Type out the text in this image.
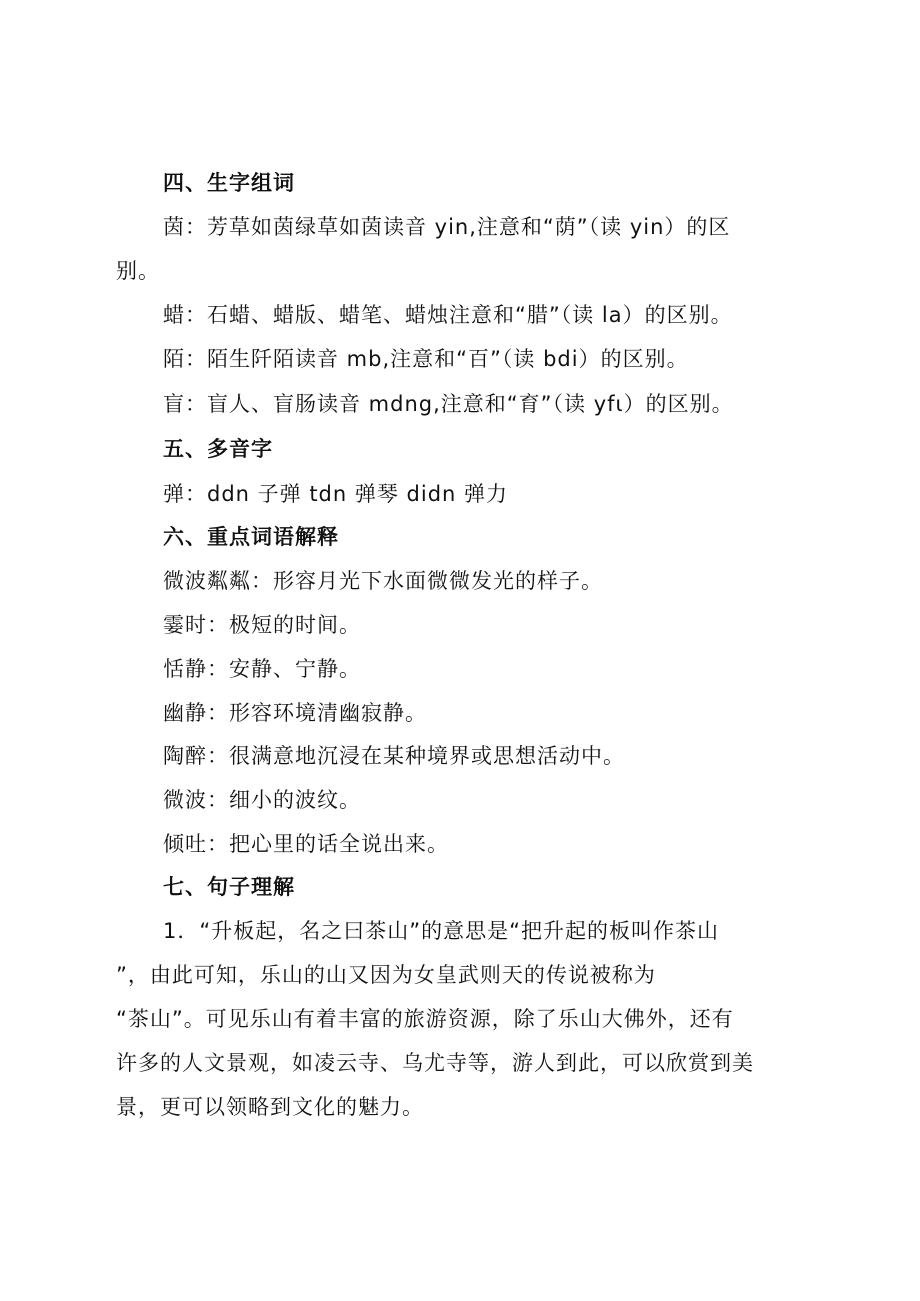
四、生字组词
茵：芳草如茵绿草如茵读音 yin,注意和“荫”（读 yin）的区
别。
蜡：石蜡、蜡版、蜡笔、蜡烛注意和“腊”（读 la）的区别。
陌：陌生阡陌读音 mb,注意和“百”（读 bdi）的区别。
盲：盲人、盲肠读音 mdng,注意和“育”（读 yfι）的区别。
五、多音字
弹：ddn 子弹 tdn 弹琴 didn 弹力
六、重点词语解释
微波粼粼：形容月光下水面微微发光的样子。
霎时：极短的时间。
恬静：安静、宁静。
幽静：形容环境清幽寂静。
陶醉：很满意地沉浸在某种境界或思想活动中。
微波：细小的波纹。
倾吐：把心里的话全说出来。
七、句子理解
1．“升板起，名之曰茶山”的意思是“把升起的板叫作茶山
”，由此可知，乐山的山又因为女皇武则天的传说被称为
“茶山”。可见乐山有着丰富的旅游资源，除了乐山大佛外，还有
许多的人文景观，如凌云寺、乌尤寺等，游人到此，可以欣赏到美
景，更可以领略到文化的魅力。
